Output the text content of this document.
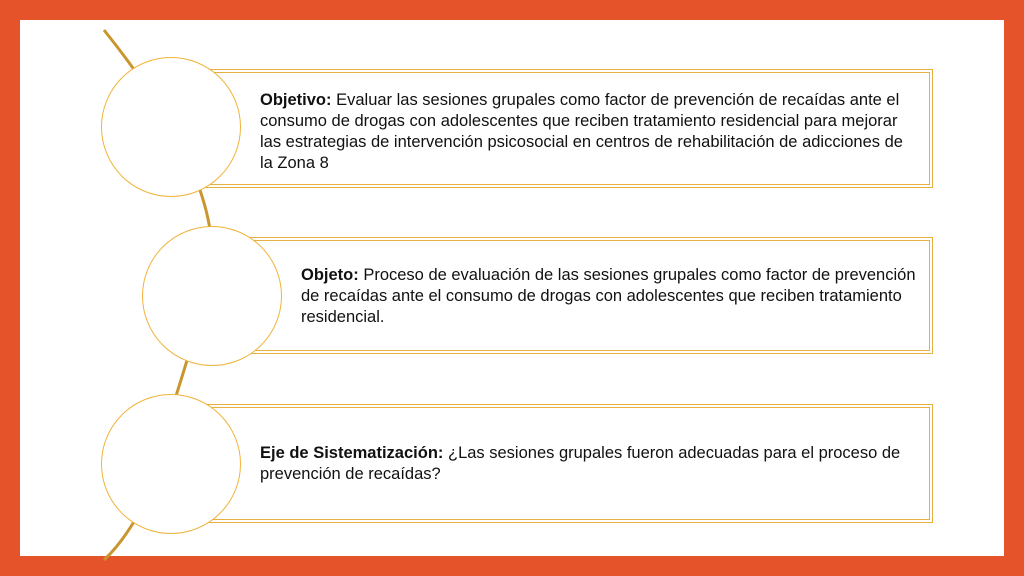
Objetivo: Evaluar las sesiones grupales como factor de prevención de recaídas ante el consumo de drogas con adolescentes que reciben tratamiento residencial para mejorar las estrategias de intervención psicosocial en centros de rehabilitación de adicciones de la Zona 8
Objeto: Proceso de evaluación de las sesiones grupales como factor de prevención de recaídas ante el consumo de drogas con adolescentes que reciben tratamiento residencial.
Eje de Sistematización: ¿Las sesiones grupales fueron adecuadas para el proceso de prevención de recaídas?
